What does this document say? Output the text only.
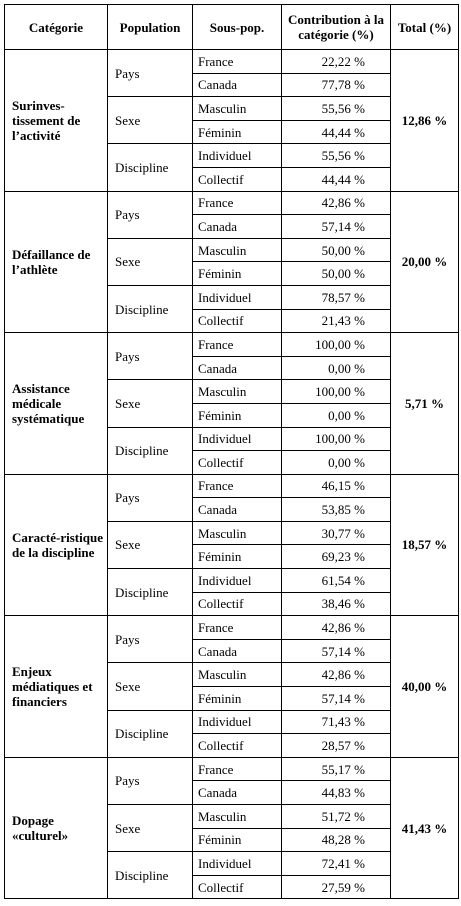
Catégorie	Population	Sous-pop.	Contribution à la catégorie (%)	Total (%)
Surinves-tissement de l’activité	Pays	France	22,22 %	12,86 %
		Canada	77,78 %	
	Sexe	Masculin	55,56 %	
		Féminin	44,44 %	
	Discipline	Individuel	55,56 %	
		Collectif	44,44 %	
Défaillance de l’athlète	Pays	France	42,86 %	20,00 %
		Canada	57,14 %	
	Sexe	Masculin	50,00 %	
		Féminin	50,00 %	
	Discipline	Individuel	78,57 %	
		Collectif	21,43 %	
Assistance médicale systématique	Pays	France	100,00 %	5,71 %
		Canada	0,00 %	
	Sexe	Masculin	100,00 %	
		Féminin	0,00 %	
	Discipline	Individuel	100,00 %	
		Collectif	0,00 %	
Caracté-ristique de la discipline	Pays	France	46,15 %	18,57 %
		Canada	53,85 %	
	Sexe	Masculin	30,77 %	
		Féminin	69,23 %	
	Discipline	Individuel	61,54 %	
		Collectif	38,46 %	
Enjeux médiatiques et financiers	Pays	France	42,86 %	40,00 %
		Canada	57,14 %	
	Sexe	Masculin	42,86 %	
		Féminin	57,14 %	
	Discipline	Individuel	71,43 %	
		Collectif	28,57 %	
Dopage «culturel»	Pays	France	55,17 %	41,43 %
		Canada	44,83 %	
	Sexe	Masculin	51,72 %	
		Féminin	48,28 %	
	Discipline	Individuel	72,41 %	
		Collectif	27,59 %	
